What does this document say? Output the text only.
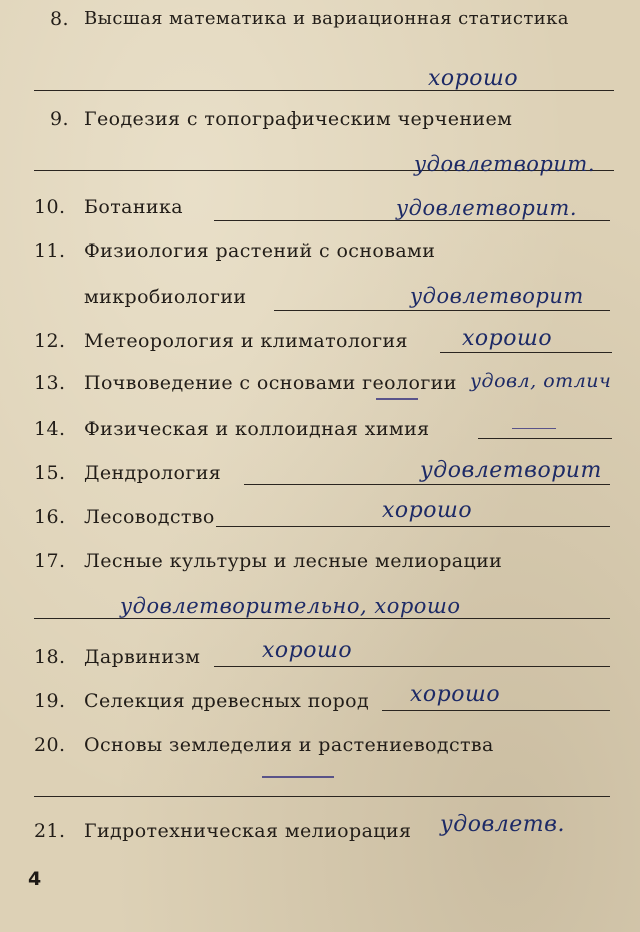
8. Высшая математика и вариационная статистика
хорошо
9. Геодезия с топографическим черчением
удовлетворит.
10. Ботаника	удовлетворит.
11. Физиология растений с основами
микробиологии	удовлетворит
12. Метеорология и климатология хорошо
13. Почвоведение с основами геологии удовл, отлич
14. Физическая и коллоидная химия
15. Дендрология	удовлетворит
16. Лесоводство	хорошо
17. Лесные культуры и лесные мелиорации
удовлетворительно, хорошо
18. Дарвинизм	хорошо
19. Селекция древесных пород хорошо
20. Основы земледелия и растениеводства
21. Гидротехническая мелиорация удовлетв.
4
